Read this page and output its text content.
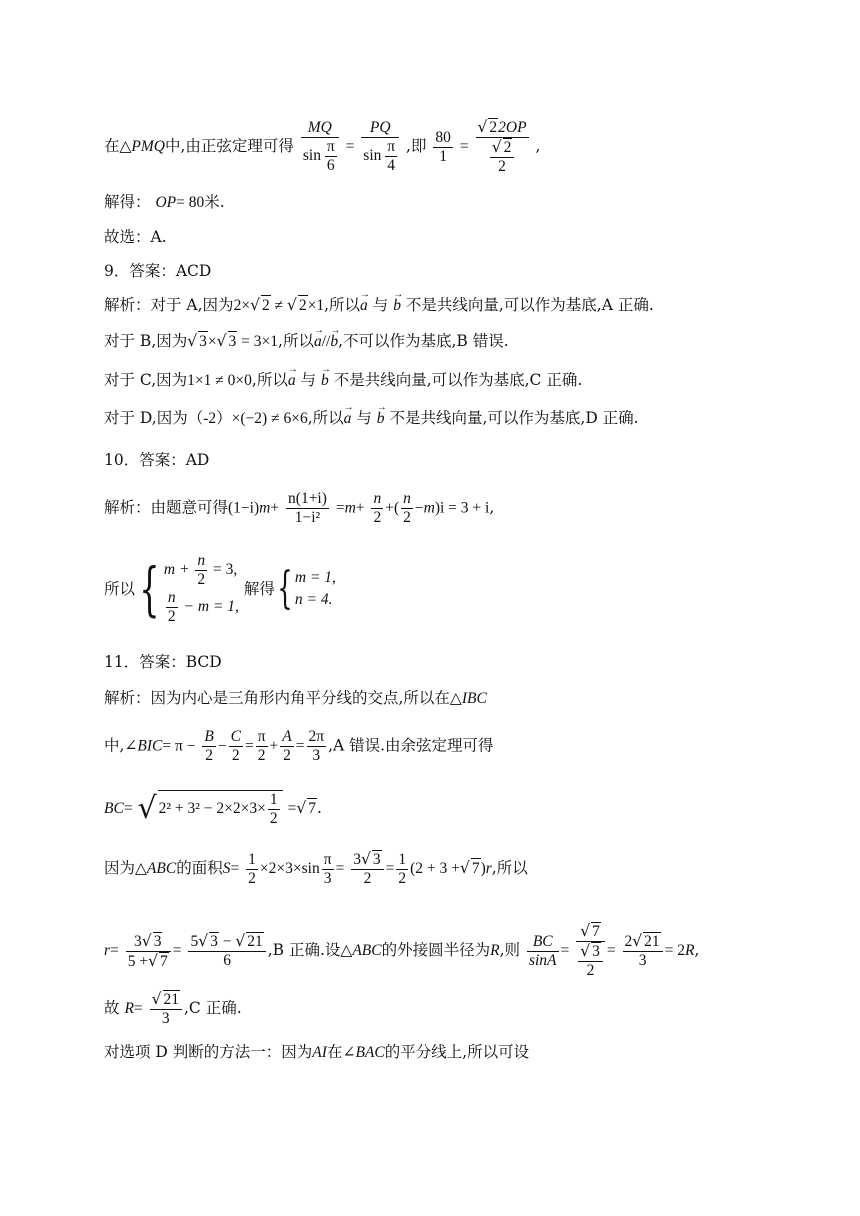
在△PMQ中,由正弦定理可得 $\frac{MQ}{\sin \frac{\pi}{6}} = \frac{PQ}{\sin \frac{\pi}{4}}$ ,即 $\frac{80}{1} = \frac{√ 22OP}{\frac{√ 2}{2}}$ ,
解得： OP= 80米.
故选：A.
9．答案：ACD
解析：对于 A,因为2×√ 2 ≠ √ 2×1,所以→ a 与 → b 不是共线向量,可以作为基底,A 正确.
对于 B,因为√ 3×√ 3 = 3×1,所以→ a//→ b,不可以作为基底,B 错误.
对于 C,因为1×1 ≠ 0×0,所以→ a 与 → b 不是共线向量,可以作为基底,C 正确.
对于 D,因为（-2）×(−2) ≠ 6×6,所以→ a 与 → b 不是共线向量,可以作为基底,D 正确.
10．答案：AD
解析：由题意可得$(1-i)m+ \frac{n(1+i)}{\text{1−i²}} =m+ \frac{n}{2}$ +( $\frac{n}{2} -m)i = 3 + i$,
所以{ $m + \frac{n}{2} = 3$,
$\frac{n}{2} - m = 1$,
解得{ m = 1,
n = 4.
11．答案：BCD
解析：因为内心是三角形内角平分线的交点,所以在△IBC
中,∠BIC= $\pi - \frac{B}{2} - \frac{C}{2} = \frac{\pi}{2} + \frac{A}{2} = \frac{2\pi}{3} ,A$ 错误.由余弦定理可得
BC= √ $2^2 + 3^2 - 2\times 2\times 3\times \frac{1}{2}$ =√ 7.
因为△ABC的面积$S= \frac{1}{2} \times 2\times 3\times\sin \frac{\pi}{3} = \frac{3√ 3}{2} = \frac{1}{2} (2 + 3$ +√ 7)r,所以
$r= \frac{3√ 3}{5 +√ 7} = \frac{5√ 3 - √ 21}{6} ,B$ 正确.设△ABC的外接圆半径为R,则 $\frac{BC}{\sin A} = \frac{√ 7}{\frac{√ 3}{2}} = \frac{2√ 21}{3} = 2R$,
故 $R= \frac{√ 21}{3} ,C$ 正确.
对选项 D 判断的方法一：因为AI在∠BAC的平分线上,所以可设
